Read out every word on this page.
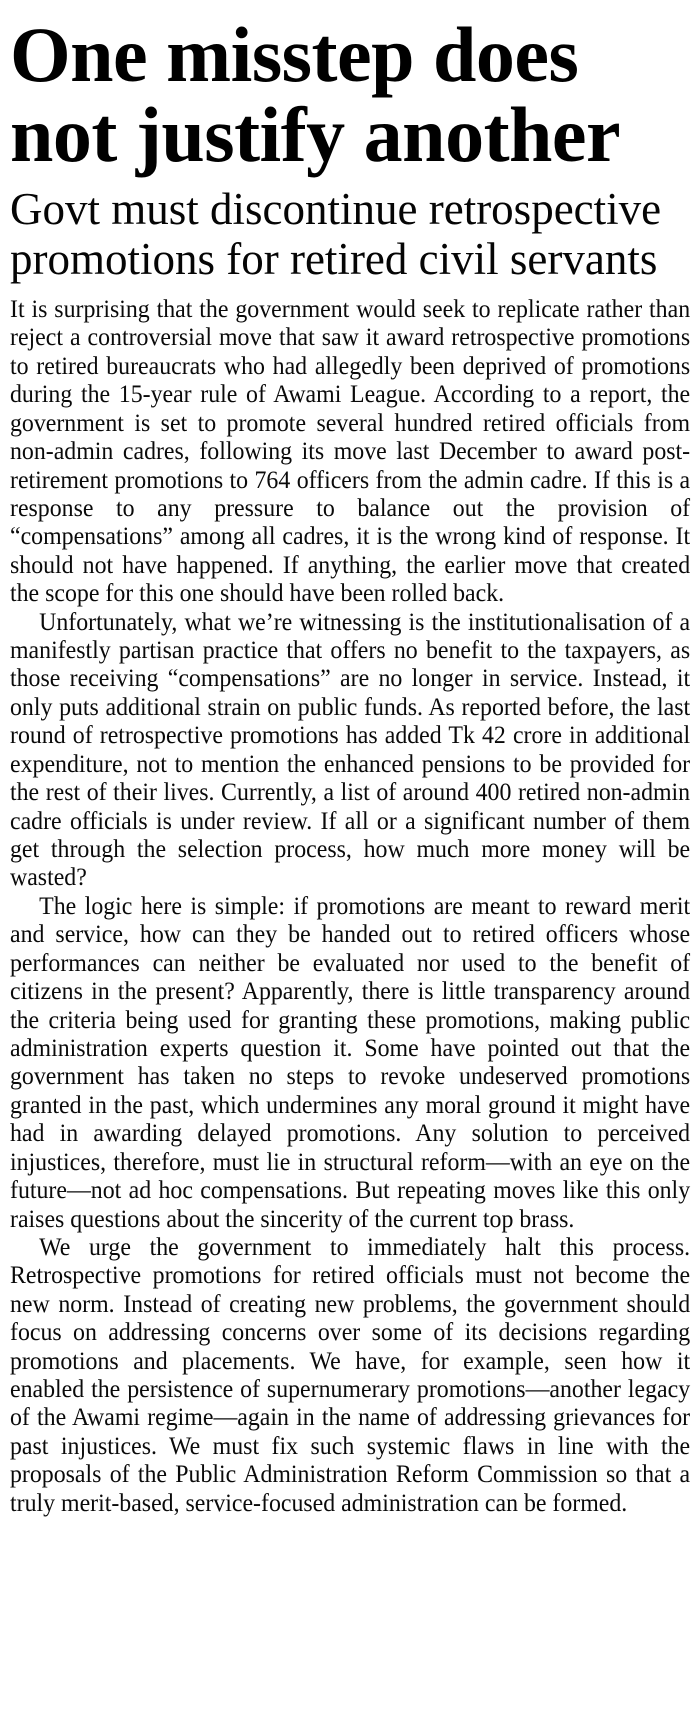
One misstep does not justify another
Govt must discontinue retrospective promotions for retired civil servants

It is surprising that the government would seek to replicate rather than reject a controversial move that saw it award retrospective promotions to retired bureaucrats who had allegedly been deprived of promotions during the 15-year rule of Awami League. According to a report, the government is set to promote several hundred retired officials from non-admin cadres, following its move last December to award post-retirement promotions to 764 officers from the admin cadre. If this is a response to any pressure to balance out the provision of “compensations” among all cadres, it is the wrong kind of response. It should not have happened. If anything, the earlier move that created the scope for this one should have been rolled back.

Unfortunately, what we’re witnessing is the institutionalisation of a manifestly partisan practice that offers no benefit to the taxpayers, as those receiving “compensations” are no longer in service. Instead, it only puts additional strain on public funds. As reported before, the last round of retrospective promotions has added Tk 42 crore in additional expenditure, not to mention the enhanced pensions to be provided for the rest of their lives. Currently, a list of around 400 retired non-admin cadre officials is under review. If all or a significant number of them get through the selection process, how much more money will be wasted?

The logic here is simple: if promotions are meant to reward merit and service, how can they be handed out to retired officers whose performances can neither be evaluated nor used to the benefit of citizens in the present? Apparently, there is little transparency around the criteria being used for granting these promotions, making public administration experts question it. Some have pointed out that the government has taken no steps to revoke undeserved promotions granted in the past, which undermines any moral ground it might have had in awarding delayed promotions. Any solution to perceived injustices, therefore, must lie in structural reform—with an eye on the future—not ad hoc compensations. But repeating moves like this only raises questions about the sincerity of the current top brass.

We urge the government to immediately halt this process. Retrospective promotions for retired officials must not become the new norm. Instead of creating new problems, the government should focus on addressing concerns over some of its decisions regarding promotions and placements. We have, for example, seen how it enabled the persistence of supernumerary promotions—another legacy of the Awami regime—again in the name of addressing grievances for past injustices. We must fix such systemic flaws in line with the proposals of the Public Administration Reform Commission so that a truly merit-based, service-focused administration can be formed.
